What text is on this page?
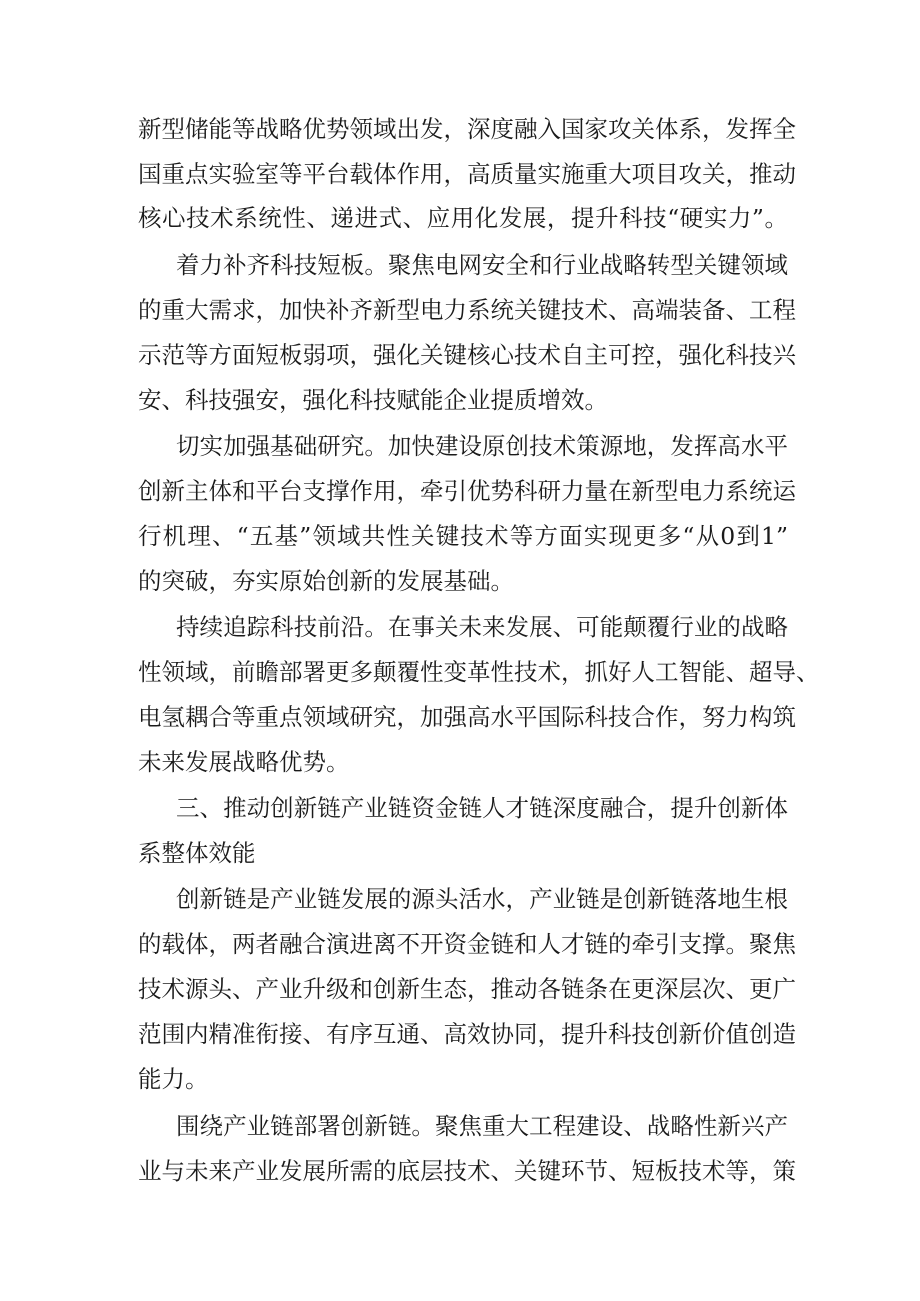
新型储能等战略优势领域出发，深度融入国家攻关体系，发挥全
国重点实验室等平台载体作用，高质量实施重大项目攻关，推动
核心技术系统性、递进式、应用化发展，提升科技“硬实力”。
着力补齐科技短板。聚焦电网安全和行业战略转型关键领域
的重大需求，加快补齐新型电力系统关键技术、高端装备、工程
示范等方面短板弱项，强化关键核心技术自主可控，强化科技兴
安、科技强安，强化科技赋能企业提质增效。
切实加强基础研究。加快建设原创技术策源地，发挥高水平
创新主体和平台支撑作用，牵引优势科研力量在新型电力系统运
行机理、“五基”领域共性关键技术等方面实现更多“从0到1”
的突破，夯实原始创新的发展基础。
持续追踪科技前沿。在事关未来发展、可能颠覆行业的战略
性领域，前瞻部署更多颠覆性变革性技术，抓好人工智能、超导、
电氢耦合等重点领域研究，加强高水平国际科技合作，努力构筑
未来发展战略优势。
三、推动创新链产业链资金链人才链深度融合，提升创新体
系整体效能
创新链是产业链发展的源头活水，产业链是创新链落地生根
的载体，两者融合演进离不开资金链和人才链的牵引支撑。聚焦
技术源头、产业升级和创新生态，推动各链条在更深层次、更广
范围内精准衔接、有序互通、高效协同，提升科技创新价值创造
能力。
围绕产业链部署创新链。聚焦重大工程建设、战略性新兴产
业与未来产业发展所需的底层技术、关键环节、短板技术等，策
